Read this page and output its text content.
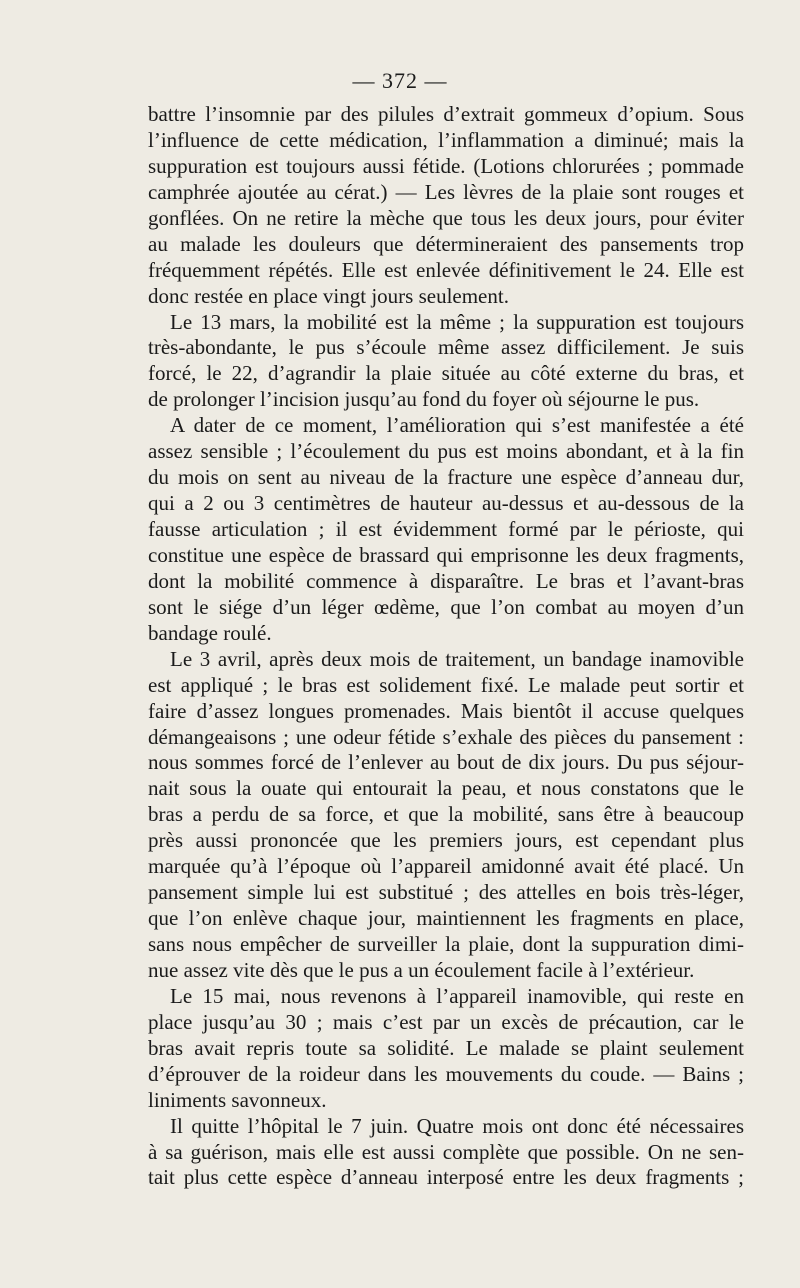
— 372 —
battre l’insomnie par des pilules d’extrait gommeux d’opium. Sous
l’influence de cette médication, l’inflammation a diminué; mais la
suppuration est toujours aussi fétide. (Lotions chlorurées ; pommade
camphrée ajoutée au cérat.) — Les lèvres de la plaie sont rouges et
gonflées. On ne retire la mèche que tous les deux jours, pour éviter
au malade les douleurs que détermineraient des pansements trop
fréquemment répétés. Elle est enlevée définitivement le 24. Elle est
donc restée en place vingt jours seulement.
Le 13 mars, la mobilité est la même ; la suppuration est toujours
très-abondante, le pus s’écoule même assez difficilement. Je suis
forcé, le 22, d’agrandir la plaie située au côté externe du bras, et
de prolonger l’incision jusqu’au fond du foyer où séjourne le pus.
A dater de ce moment, l’amélioration qui s’est manifestée a été
assez sensible ; l’écoulement du pus est moins abondant, et à la fin
du mois on sent au niveau de la fracture une espèce d’anneau dur,
qui a 2 ou 3 centimètres de hauteur au-dessus et au-dessous de la
fausse articulation ; il est évidemment formé par le périoste, qui
constitue une espèce de brassard qui emprisonne les deux fragments,
dont la mobilité commence à disparaître. Le bras et l’avant-bras
sont le siége d’un léger œdème, que l’on combat au moyen d’un
bandage roulé.
Le 3 avril, après deux mois de traitement, un bandage inamovible
est appliqué ; le bras est solidement fixé. Le malade peut sortir et
faire d’assez longues promenades. Mais bientôt il accuse quelques
démangeaisons ; une odeur fétide s’exhale des pièces du pansement :
nous sommes forcé de l’enlever au bout de dix jours. Du pus séjour-
nait sous la ouate qui entourait la peau, et nous constatons que le
bras a perdu de sa force, et que la mobilité, sans être à beaucoup
près aussi prononcée que les premiers jours, est cependant plus
marquée qu’à l’époque où l’appareil amidonné avait été placé. Un
pansement simple lui est substitué ; des attelles en bois très-léger,
que l’on enlève chaque jour, maintiennent les fragments en place,
sans nous empêcher de surveiller la plaie, dont la suppuration dimi-
nue assez vite dès que le pus a un écoulement facile à l’extérieur.
Le 15 mai, nous revenons à l’appareil inamovible, qui reste en
place jusqu’au 30 ; mais c’est par un excès de précaution, car le
bras avait repris toute sa solidité. Le malade se plaint seulement
d’éprouver de la roideur dans les mouvements du coude. — Bains ;
liniments savonneux.
Il quitte l’hôpital le 7 juin. Quatre mois ont donc été nécessaires
à sa guérison, mais elle est aussi complète que possible. On ne sen-
tait plus cette espèce d’anneau interposé entre les deux fragments ;
